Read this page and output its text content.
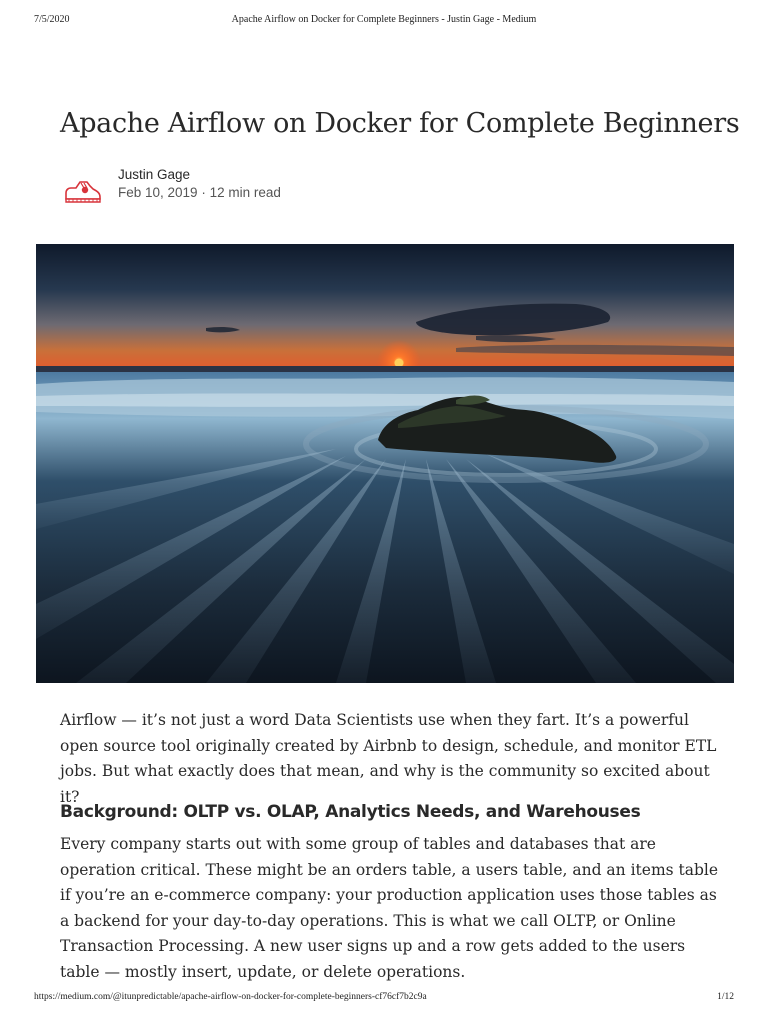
7/5/2020	Apache Airflow on Docker for Complete Beginners - Justin Gage - Medium
Apache Airflow on Docker for Complete Beginners
Justin Gage
Feb 10, 2019 · 12 min read

Airflow — it’s not just a word Data Scientists use when they fart. It’s a powerful open source tool originally created by Airbnb to design, schedule, and monitor ETL jobs. But what exactly does that mean, and why is the community so excited about it?

Background: OLTP vs. OLAP, Analytics Needs, and Warehouses

Every company starts out with some group of tables and databases that are operation critical. These might be an orders table, a users table, and an items table if you’re an e-commerce company: your production application uses those tables as a backend for your day-to-day operations. This is what we call OLTP, or Online Transaction Processing. A new user signs up and a row gets added to the users table — mostly insert, update, or delete operations.

https://medium.com/@itunpredictable/apache-airflow-on-docker-for-complete-beginners-cf76cf7b2c9a	1/12
